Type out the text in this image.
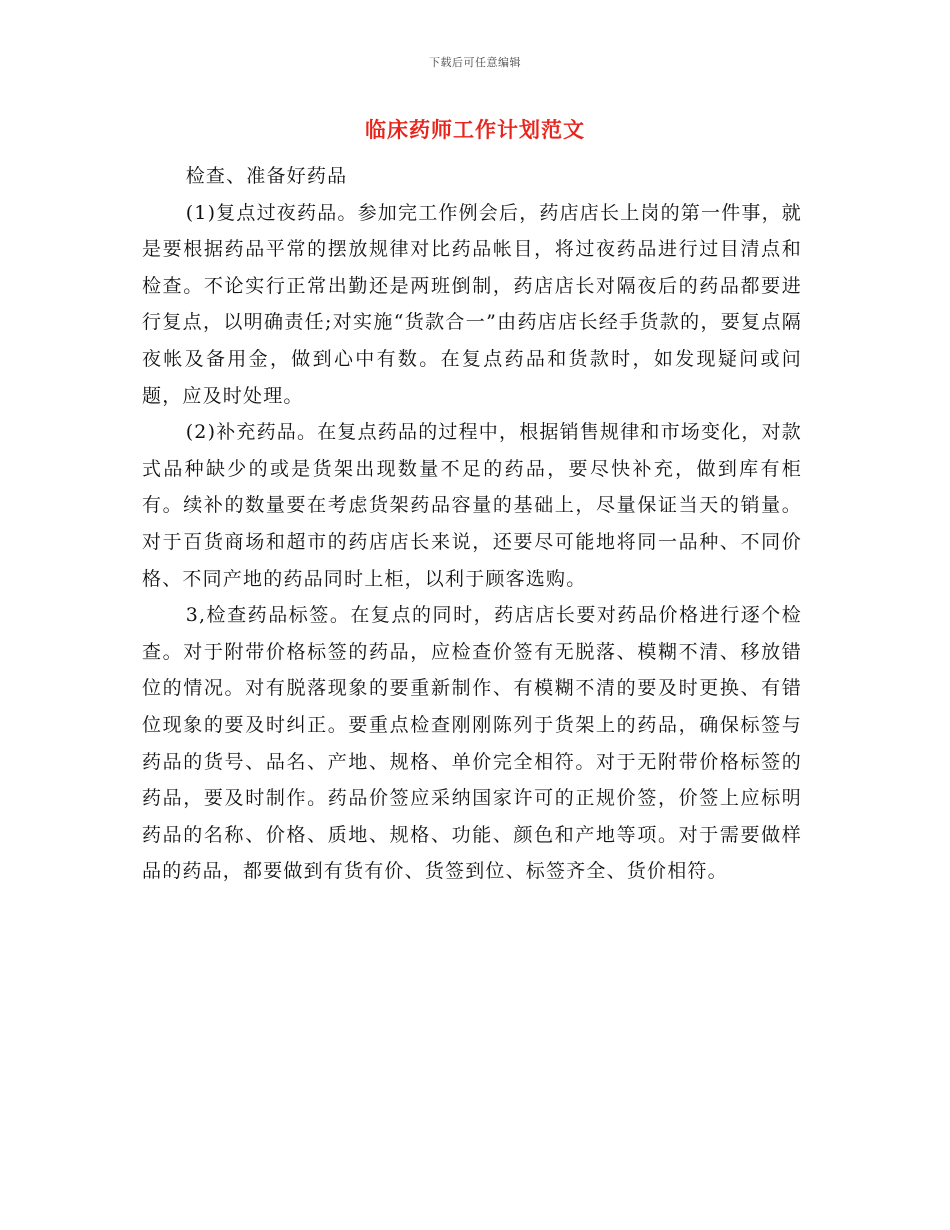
下载后可任意编辑
临床药师工作计划范文

检查、准备好药品

(1)复点过夜药品。参加完工作例会后，药店店长上岗的第一件事，就是要根据药品平常的摆放规律对比药品帐目，将过夜药品进行过目清点和检查。不论实行正常出勤还是两班倒制，药店店长对隔夜后的药品都要进行复点，以明确责任;对实施“货款合一”由药店店长经手货款的，要复点隔夜帐及备用金，做到心中有数。在复点药品和货款时，如发现疑问或问题，应及时处理。

(2)补充药品。在复点药品的过程中，根据销售规律和市场变化，对款式品种缺少的或是货架出现数量不足的药品，要尽快补充，做到库有柜有。续补的数量要在考虑货架药品容量的基础上，尽量保证当天的销量。对于百货商场和超市的药店店长来说，还要尽可能地将同一品种、不同价格、不同产地的药品同时上柜，以利于顾客选购。

3,检查药品标签。在复点的同时，药店店长要对药品价格进行逐个检查。对于附带价格标签的药品，应检查价签有无脱落、模糊不清、移放错位的情况。对有脱落现象的要重新制作、有模糊不清的要及时更换、有错位现象的要及时纠正。要重点检查刚刚陈列于货架上的药品，确保标签与药品的货号、品名、产地、规格、单价完全相符。对于无附带价格标签的药品，要及时制作。药品价签应采纳国家许可的正规价签，价签上应标明药品的名称、价格、质地、规格、功能、颜色和产地等项。对于需要做样品的药品，都要做到有货有价、货签到位、标签齐全、货价相符。
